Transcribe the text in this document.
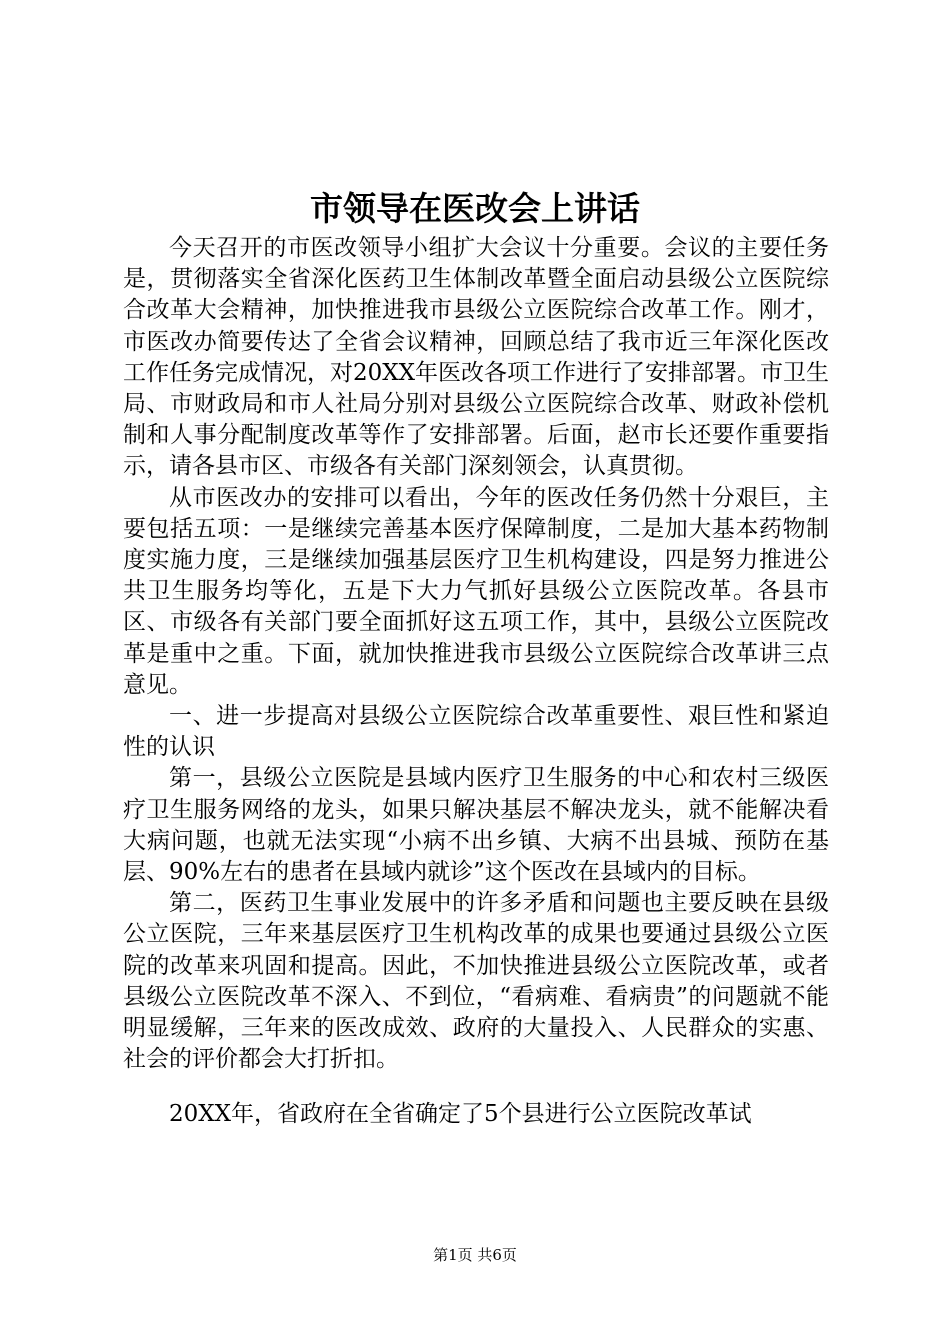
市领导在医改会上讲话

今天召开的市医改领导小组扩大会议十分重要。会议的主要任务是，贯彻落实全省深化医药卫生体制改革暨全面启动县级公立医院综合改革大会精神，加快推进我市县级公立医院综合改革工作。刚才，市医改办简要传达了全省会议精神，回顾总结了我市近三年深化医改工作任务完成情况，对20XX年医改各项工作进行了安排部署。市卫生局、市财政局和市人社局分别对县级公立医院综合改革、财政补偿机制和人事分配制度改革等作了安排部署。后面，赵市长还要作重要指示，请各县市区、市级各有关部门深刻领会，认真贯彻。

从市医改办的安排可以看出，今年的医改任务仍然十分艰巨，主要包括五项：一是继续完善基本医疗保障制度，二是加大基本药物制度实施力度，三是继续加强基层医疗卫生机构建设，四是努力推进公共卫生服务均等化，五是下大力气抓好县级公立医院改革。各县市区、市级各有关部门要全面抓好这五项工作，其中，县级公立医院改革是重中之重。下面，就加快推进我市县级公立医院综合改革讲三点意见。

一、进一步提高对县级公立医院综合改革重要性、艰巨性和紧迫性的认识

第一，县级公立医院是县域内医疗卫生服务的中心和农村三级医疗卫生服务网络的龙头，如果只解决基层不解决龙头，就不能解决看大病问题，也就无法实现“小病不出乡镇、大病不出县城、预防在基层、90%左右的患者在县域内就诊”这个医改在县域内的目标。

第二，医药卫生事业发展中的许多矛盾和问题也主要反映在县级公立医院，三年来基层医疗卫生机构改革的成果也要通过县级公立医院的改革来巩固和提高。因此，不加快推进县级公立医院改革，或者县级公立医院改革不深入、不到位，“看病难、看病贵”的问题就不能明显缓解，三年来的医改成效、政府的大量投入、人民群众的实惠、社会的评价都会大打折扣。

20XX年，省政府在全省确定了5个县进行公立医院改革试

第1页 共6页
